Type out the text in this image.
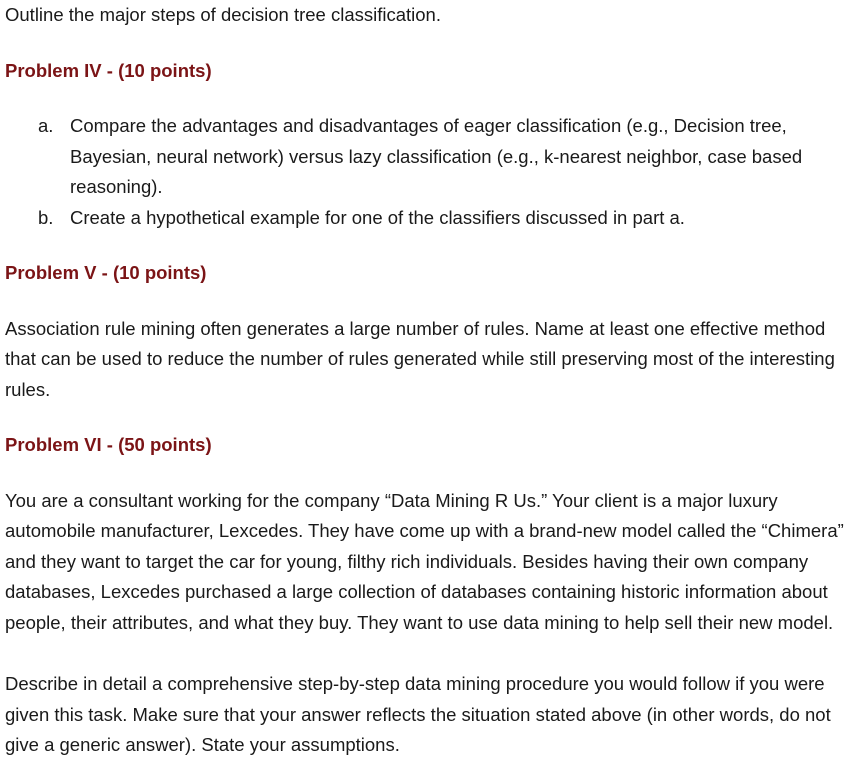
Outline the major steps of decision tree classification.

Problem IV - (10 points)

a. Compare the advantages and disadvantages of eager classification (e.g., Decision tree, Bayesian, neural network) versus lazy classification (e.g., k-nearest neighbor, case based reasoning).
b. Create a hypothetical example for one of the classifiers discussed in part a.

Problem V - (10 points)

Association rule mining often generates a large number of rules. Name at least one effective method that can be used to reduce the number of rules generated while still preserving most of the interesting rules.

Problem VI - (50 points)

You are a consultant working for the company “Data Mining R Us.” Your client is a major luxury automobile manufacturer, Lexcedes. They have come up with a brand-new model called the “Chimera” and they want to target the car for young, filthy rich individuals. Besides having their own company databases, Lexcedes purchased a large collection of databases containing historic information about people, their attributes, and what they buy. They want to use data mining to help sell their new model.

Describe in detail a comprehensive step-by-step data mining procedure you would follow if you were given this task. Make sure that your answer reflects the situation stated above (in other words, do not give a generic answer). State your assumptions.
